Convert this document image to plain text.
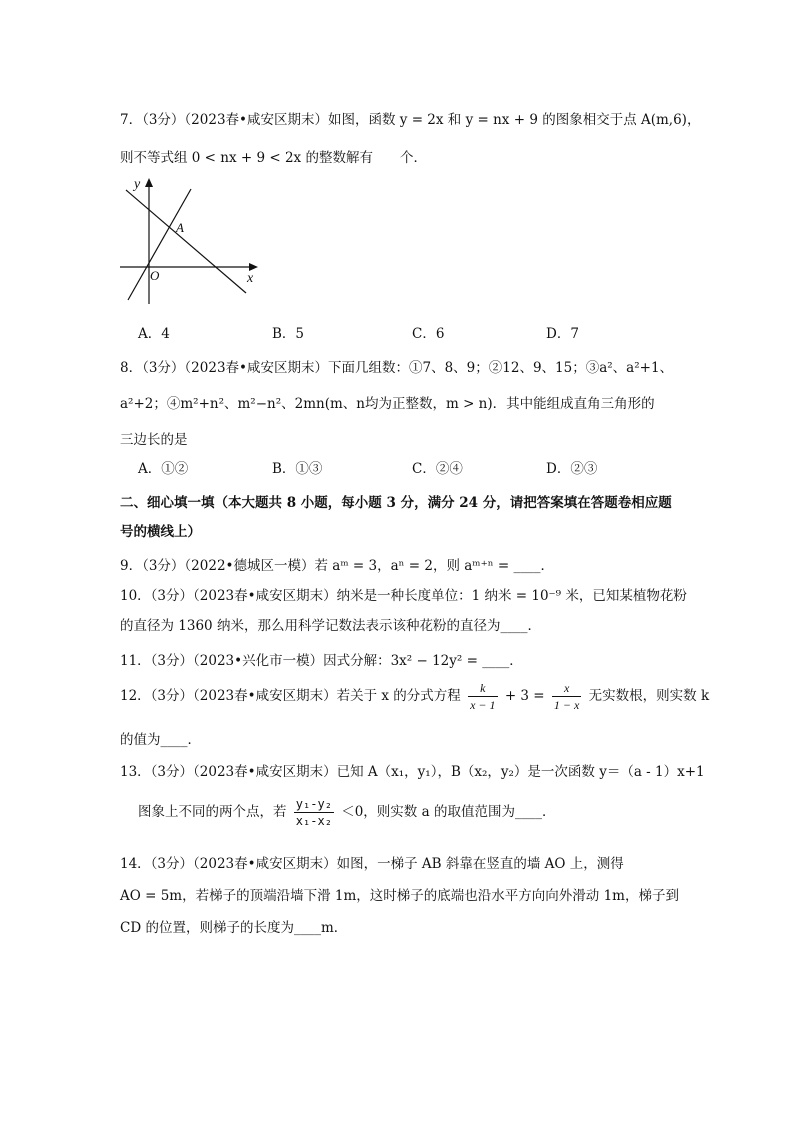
7．（3分）（2023春•咸安区期末）如图，函数 y = 2x 和 y = nx + 9 的图象相交于点 A(m,6)，
则不等式组 0 < nx + 9 < 2x 的整数解有　　个．
y
x
O
A
A．4	B．5	C．6	D．7
8．（3分）（2023春•咸安区期末）下面几组数：①7、8、9；②12、9、15；③a²、a²+1、
a²+2；④m²+n²、m²−n²、2mn(m、n均为正整数，m > n)．其中能组成直角三角形的
三边长的是
A．①②	B．①③	C．②④	D．②③
二、细心填一填（本大题共 8 小题，每小题 3 分，满分 24 分，请把答案填在答题卷相应题
号的横线上）
9．（3分）（2022•德城区一模）若 aᵐ = 3，aⁿ = 2，则 aᵐ⁺ⁿ = ____．
10．（3分）（2023春•咸安区期末）纳米是一种长度单位：1 纳米 = 10⁻⁹ 米，已知某植物花粉
的直径为 1360 纳米，那么用科学记数法表示该种花粉的直径为____．
11．（3分）（2023•兴化市一模）因式分解：3x² − 12y² = ____．
12．（3分）（2023春•咸安区期末）若关于 x 的分式方程 $\frac{k}{x - 1} + 3 = \frac{x}{1 - x}$ 无实数根，则实数 k
的值为____．
13．（3分）（2023春•咸安区期末）已知 A（x₁，y₁），B（x₂，y₂）是一次函数 y＝（a - 1）x+1
图象上不同的两个点，若 $\frac{\text{y₁-y₂}}{\text{x₁-x₂}} <0$，则实数 a 的取值范围为____．
14．（3分）（2023春•咸安区期末）如图，一梯子 AB 斜靠在竖直的墙 AO 上，测得
AO = 5m，若梯子的顶端沿墙下滑 1m，这时梯子的底端也沿水平方向向外滑动 1m，梯子到
CD 的位置，则梯子的长度为____m．
